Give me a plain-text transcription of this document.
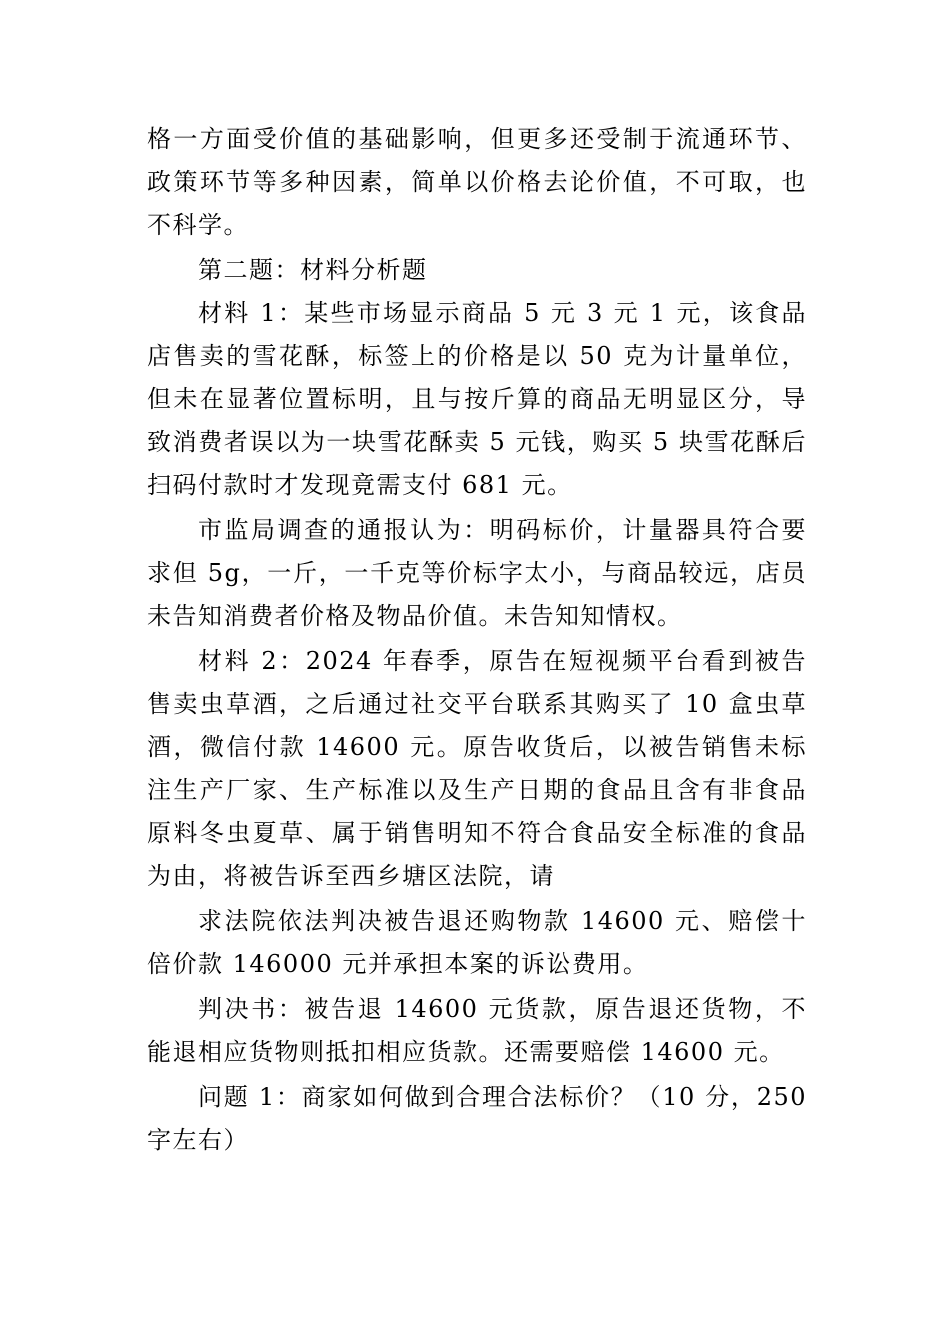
格一方面受价值的基础影响，但更多还受制于流通环节、政策环节等多种因素，简单以价格去论价值，不可取，也不科学。

第二题：材料分析题

材料 1：某些市场显示商品 5 元 3 元 1 元，该食品店售卖的雪花酥，标签上的价格是以 50 克为计量单位，但未在显著位置标明，且与按斤算的商品无明显区分，导致消费者误以为一块雪花酥卖 5 元钱，购买 5 块雪花酥后扫码付款时才发现竟需支付 681 元。

市监局调查的通报认为：明码标价，计量器具符合要求但 5g，一斤，一千克等价标字太小，与商品较远，店员未告知消费者价格及物品价值。未告知知情权。

材料 2：2024 年春季，原告在短视频平台看到被告售卖虫草酒，之后通过社交平台联系其购买了 10 盒虫草酒，微信付款 14600 元。原告收货后，以被告销售未标注生产厂家、生产标准以及生产日期的食品且含有非食品原料冬虫夏草、属于销售明知不符合食品安全标准的食品为由，将被告诉至西乡塘区法院，请

求法院依法判决被告退还购物款 14600 元、赔偿十倍价款 146000 元并承担本案的诉讼费用。

判决书：被告退 14600 元货款，原告退还货物，不能退相应货物则抵扣相应货款。还需要赔偿 14600 元。

问题 1：商家如何做到合理合法标价？（10 分，250 字左右）
